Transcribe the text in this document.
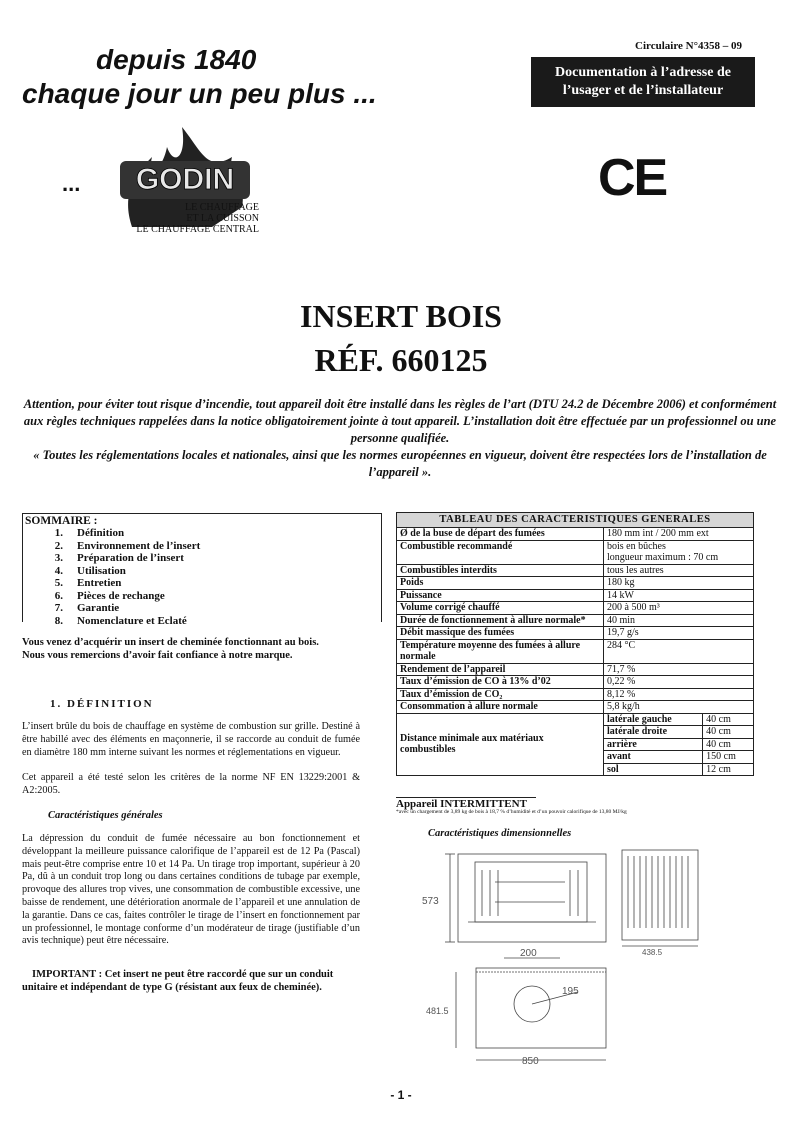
depuis 1840
chaque jour un peu plus ...
Circulaire N°4358 – 09
Documentation à l’adresse de
l’usager et de l’installateur
CE
GODIN
...
LE CHAUFFAGE
ET LA CUISSON
LE CHAUFFAGE CENTRAL
INSERT BOIS
RÉF. 660125
Attention, pour éviter tout risque d’incendie, tout appareil doit être installé dans les règles de l’art (DTU 24.2 de Décembre 2006) et conformément aux règles techniques rappelées dans la notice obligatoirement jointe à tout appareil. L’installation doit être effectuée par un professionnel ou une personne qualifiée.
« Toutes les réglementations locales et nationales, ainsi que les normes européennes en vigueur, doivent être respectées lors de l’installation de l’appareil ».
SOMMAIRE :
1.	Définition
2.	Environnement de l’insert
3.	Préparation de l’insert
4.	Utilisation
5.	Entretien
6.	Pièces de rechange
7.	Garantie
8.	Nomenclature et Eclaté
Vous venez d’acquérir un insert de cheminée fonctionnant au bois.
Nous vous remercions d’avoir fait confiance à notre marque.
1. DÉFINITION
L’insert brûle du bois de chauffage en système de combustion sur grille. Destiné à être habillé avec des éléments en maçonnerie, il se raccorde au conduit de fumée en diamètre 180 mm interne suivant les normes et réglementations en vigueur.
Cet appareil a été testé selon les critères de la norme NF EN 13229:2001 & A2:2005.
Caractéristiques générales
La dépression du conduit de fumée nécessaire au bon fonctionnement et développant la meilleure puissance calorifique de l’appareil est de 12 Pa (Pascal) mais peut-être comprise entre 10 et 14 Pa. Un tirage trop important, supérieur à 20 Pa, dû à un conduit trop long ou dans certaines conditions de tubage par exemple, provoque des allures trop vives, une consommation de combustible excessive, une baisse de rendement, une détérioration anormale de l’appareil et une annulation de la garantie. Dans ce cas, faites contrôler le tirage de l’insert en fonctionnement par un professionnel, le montage conforme d’un modérateur de tirage (justifiable d’un avis technique) peut être nécessaire.
IMPORTANT : Cet insert ne peut être raccordé que sur un conduit unitaire et indépendant de type G (résistant aux feux de cheminée).
TABLEAU DES CARACTERISTIQUES GENERALES		
Ø de la buse de départ des fumées	180 mm int / 200 mm ext	

Combustible recommandé	bois en bûches
longueur maximum : 70 cm	

Combustibles interdits	tous les autres	

Poids	180 kg	

Puissance	14 kW	

Volume corrigé chauffé	200 à 500 m³	

Durée de fonctionnement à allure normale*	40 min	

Débit massique des fumées	19,7 g/s	

Température moyenne des fumées à allure normale	284 °C	

Rendement de l’appareil	71,7 %	

Taux d’émission de CO à 13% d’02	0,22 %	

Taux d’émission de CO₂	8,12 %	

Consommation à allure normale	5,8 kg/h	

Distance minimale aux matériaux combustibles	latérale gauche	40 cm
	latérale droite	40 cm
	arrière	40 cm
	avant	150 cm
	sol	12 cm
Appareil INTERMITTENT
*avec un chargement de 3,89 kg de bois à 18,7 % d’humidité et d’un pouvoir calorifique de 13,80 MJ/kg
Caractéristiques dimensionnelles
573
438.5
200
195
481.5
850
- 1 -
